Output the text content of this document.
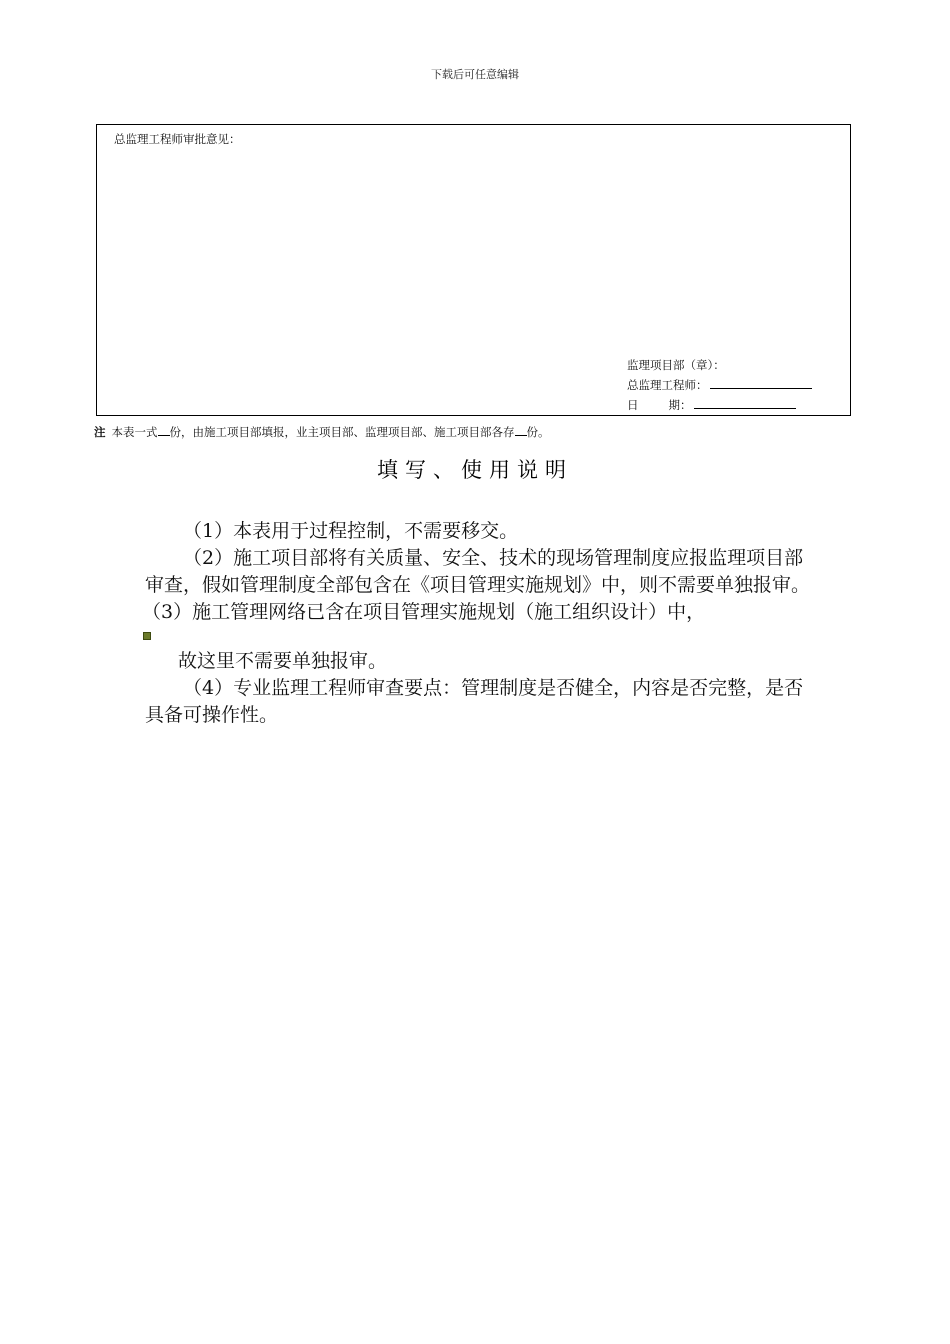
下载后可任意编辑
总监理工程师审批意见：
监理项目部（章）：
总监理工程师：
日	期：
注 本表一式 份，由施工项目部填报，业主项目部、监理项目部、施工项目部各存 份。
填写、使用说明

（1）本表用于过程控制，不需要移交。

（2）施工项目部将有关质量、安全、技术的现场管理制度应报监理项目部审查，假如管理制度全部包含在《项目管理实施规划》中，则不需要单独报审。

（3）施工管理网络已含在项目管理实施规划（施工组织设计）中，

故这里不需要单独报审。

（4）专业监理工程师审查要点：管理制度是否健全，内容是否完整，是否具备可操作性。
